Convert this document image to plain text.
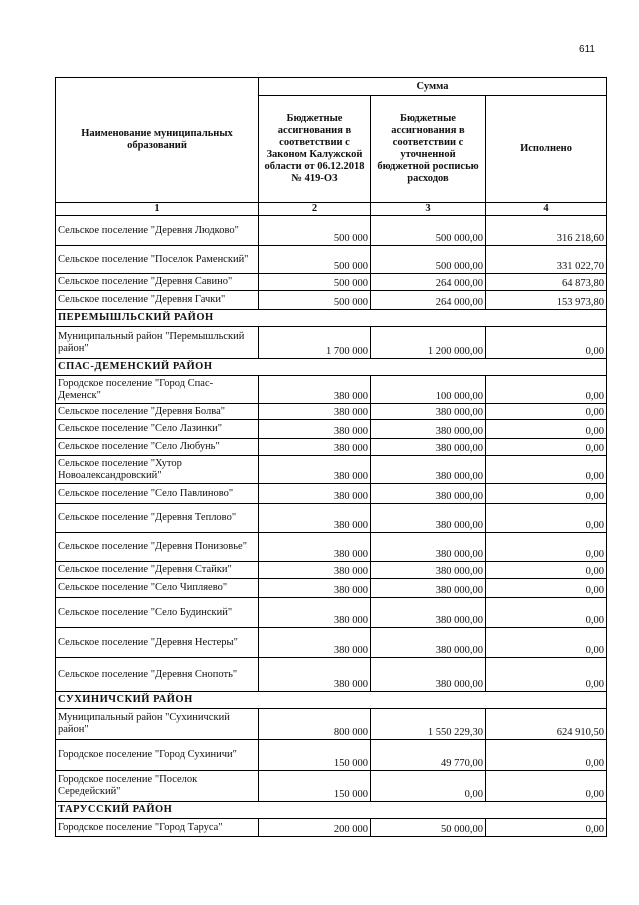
611
Наименование муниципальных образований	Сумма		
	Бюджетные ассигнования в соответствии с Законом Калужской области от 06.12.2018 № 419-ОЗ	Бюджетные ассигнования в соответствии с уточненной бюджетной росписью расходов	Исполнено
1	2	3	4
Сельское поселение "Деревня Людково"	500 000	500 000,00	316 218,60
Сельское поселение "Поселок Раменский"	500 000	500 000,00	331 022,70
Сельское поселение "Деревня Савино"	500 000	264 000,00	64 873,80
Сельское поселение "Деревня Гачки"	500 000	264 000,00	153 973,80
ПЕРЕМЫШЛЬСКИЙ РАЙОН			
Муниципальный район "Перемышльский район"	1 700 000	1 200 000,00	0,00
СПАС-ДЕМЕНСКИЙ РАЙОН			
Городское поселение "Город Спас-Деменск"	380 000	100 000,00	0,00
Сельское поселение "Деревня Болва"	380 000	380 000,00	0,00
Сельское поселение "Село Лазинки"	380 000	380 000,00	0,00
Сельское поселение "Село Любунь"	380 000	380 000,00	0,00
Сельское поселение "Хутор Новоалександровский"	380 000	380 000,00	0,00
Сельское поселение "Село Павлиново"	380 000	380 000,00	0,00
Сельское поселение "Деревня Теплово"	380 000	380 000,00	0,00
Сельское поселение "Деревня Понизовье"	380 000	380 000,00	0,00
Сельское поселение "Деревня Стайки"	380 000	380 000,00	0,00
Сельское поселение "Село Чипляево"	380 000	380 000,00	0,00
Сельское поселение "Село Будинский"	380 000	380 000,00	0,00
Сельское поселение "Деревня Нестеры"	380 000	380 000,00	0,00
Сельское поселение "Деревня Снопоть"	380 000	380 000,00	0,00
СУХИНИЧСКИЙ РАЙОН			
Муниципальный район "Сухиничский район"	800 000	1 550 229,30	624 910,50
Городское поселение "Город Сухиничи"	150 000	49 770,00	0,00
Городское поселение "Поселок Середейский"	150 000	0,00	0,00
ТАРУССКИЙ РАЙОН			
Городское поселение "Город Таруса"	200 000	50 000,00	0,00
